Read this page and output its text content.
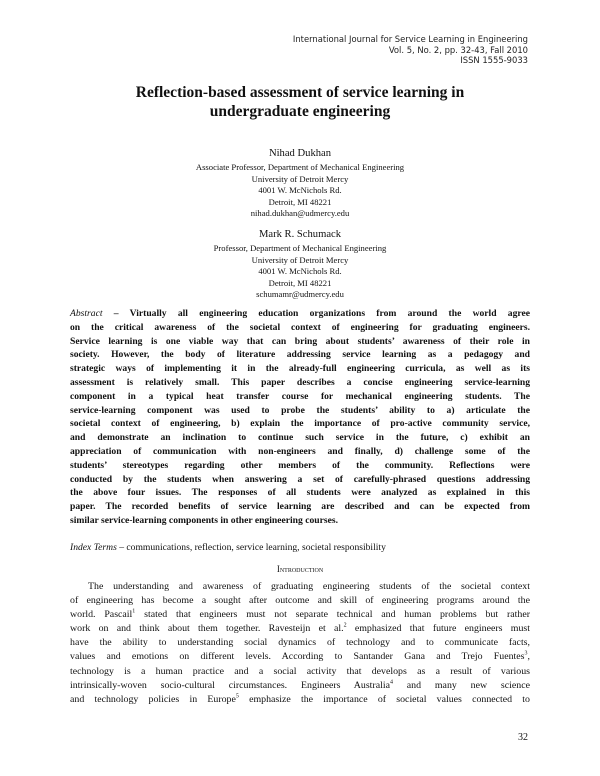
International Journal for Service Learning in Engineering
Vol. 5, No. 2, pp. 32-43, Fall 2010
ISSN 1555-9033
Reflection-based assessment of service learning in
undergraduate engineering
Nihad Dukhan
Associate Professor, Department of Mechanical Engineering
University of Detroit Mercy
4001 W. McNichols Rd.
Detroit, MI 48221
nihad.dukhan@udmercy.edu
Mark R. Schumack
Professor, Department of Mechanical Engineering
University of Detroit Mercy
4001 W. McNichols Rd.
Detroit, MI 48221
schumamr@udmercy.edu
Abstract – Virtually all engineering education organizations from around the world agree
on the critical awareness of the societal context of engineering for graduating engineers.
Service learning is one viable way that can bring about students’ awareness of their role in
society. However, the body of literature addressing service learning as a pedagogy and
strategic ways of implementing it in the already-full engineering curricula, as well as its
assessment is relatively small. This paper describes a concise engineering service-learning
component in a typical heat transfer course for mechanical engineering students. The
service-learning component was used to probe the students’ ability to a) articulate the
societal context of engineering, b) explain the importance of pro-active community service,
and demonstrate an inclination to continue such service in the future, c) exhibit an
appreciation of communication with non-engineers and finally, d) challenge some of the
students’ stereotypes regarding other members of the community. Reflections were
conducted by the students when answering a set of carefully-phrased questions addressing
the above four issues. The responses of all students were analyzed as explained in this
paper. The recorded benefits of service learning are described and can be expected from
similar service-learning components in other engineering courses.
Index Terms – communications, reflection, service learning, societal responsibility
Introduction
The understanding and awareness of graduating engineering students of the societal context
of engineering has become a sought after outcome and skill of engineering programs around the
world. Pascail$^1$ stated that engineers must not separate technical and human problems but rather
work on and think about them together. Ravesteijn et al.$^2$ emphasized that future engineers must
have the ability to understanding social dynamics of technology and to communicate facts,
values and emotions on different levels. According to Santander Gana and Trejo Fuentes$^3$,
technology is a human practice and a social activity that develops as a result of various
intrinsically-woven socio-cultural circumstances. Engineers Australia$^4$ and many new science
and technology policies in Europe$^5$ emphasize the importance of societal values connected to
32
